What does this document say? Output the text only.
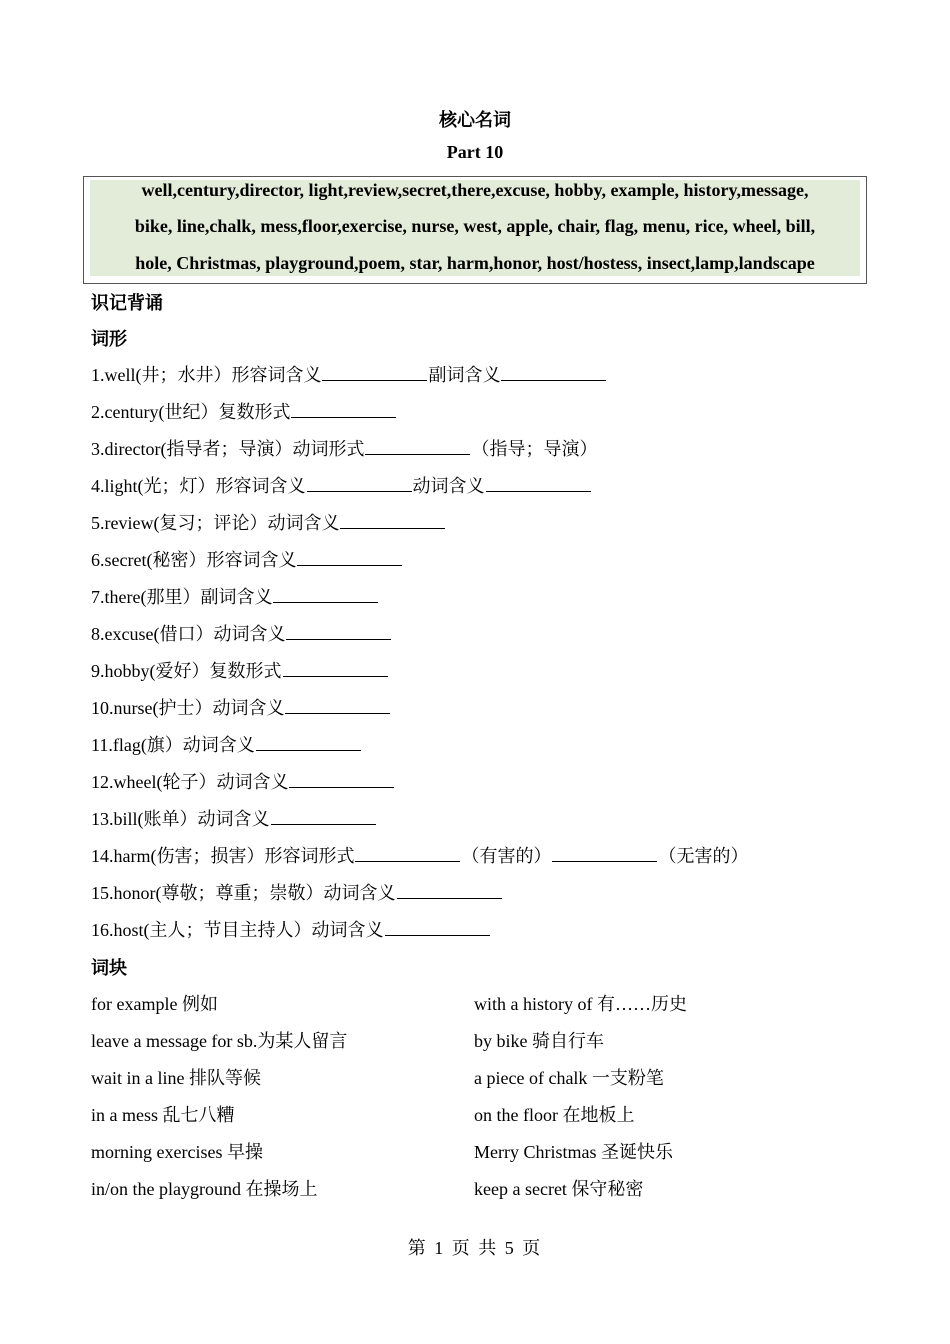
核心名词
Part 10
well,century,director, light,review,secret,there,excuse, hobby, example, history,message,
bike, line,chalk, mess,floor,exercise, nurse, west, apple, chair, flag, menu, rice, wheel, bill,
hole, Christmas, playground,poem, star, harm,honor, host/hostess, insect,lamp,landscape
识记背诵
词形
1.well(井；水井）形容词含义	副词含义
2.century(世纪）复数形式
3.director(指导者；导演）动词形式	（指导；导演）
4.light(光；灯）形容词含义	动词含义
5.review(复习；评论）动词含义
6.secret(秘密）形容词含义
7.there(那里）副词含义
8.excuse(借口）动词含义
9.hobby(爱好）复数形式
10.nurse(护士）动词含义
11.flag(旗）动词含义
12.wheel(轮子）动词含义
13.bill(账单）动词含义
14.harm(伤害；损害）形容词形式	（有害的）	（无害的）
15.honor(尊敬；尊重；崇敬）动词含义
16.host(主人；节目主持人）动词含义
词块
for example 例如	with a history of 有……历史
leave a message for sb.为某人留言	by bike 骑自行车
wait in a line 排队等候	a piece of chalk 一支粉笔
in a mess 乱七八糟	on the floor 在地板上
morning exercises 早操	Merry Christmas 圣诞快乐
in/on the playground 在操场上	keep a secret 保守秘密
第 1 页 共 5 页
